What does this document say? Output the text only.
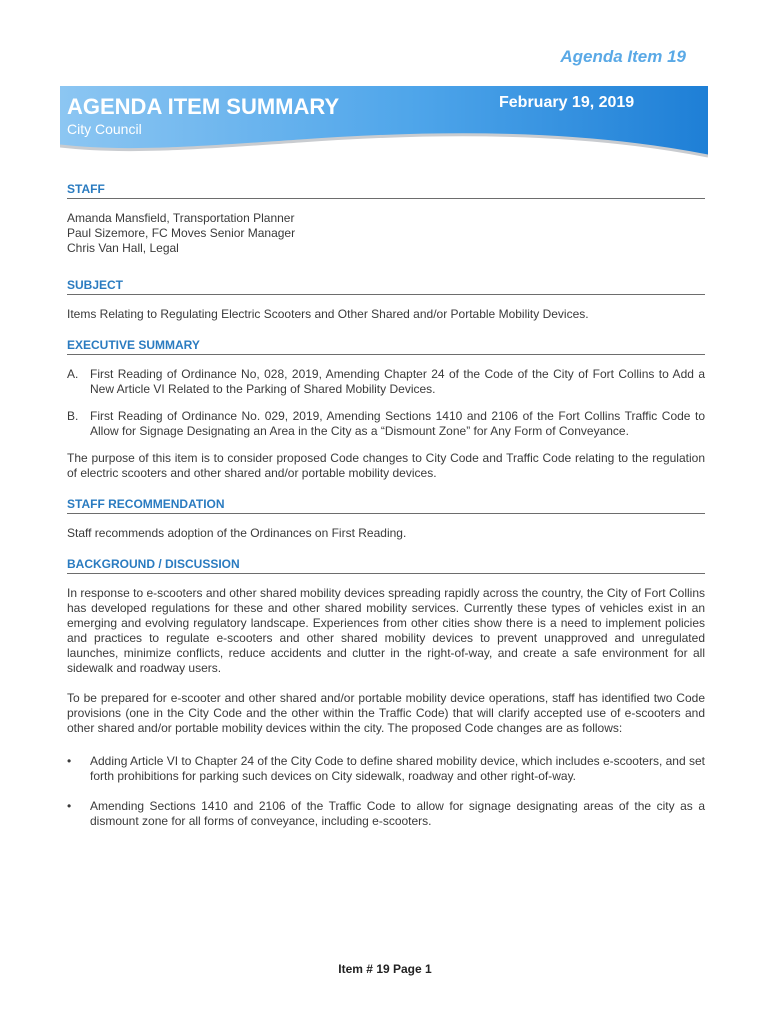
Agenda Item 19
AGENDA ITEM SUMMARY
City Council
February 19, 2019
STAFF

Amanda Mansfield, Transportation Planner

Paul Sizemore, FC Moves Senior Manager

Chris Van Hall, Legal

SUBJECT

Items Relating to Regulating Electric Scooters and Other Shared and/or Portable Mobility Devices.

EXECUTIVE SUMMARY
A. First Reading of Ordinance No, 028, 2019, Amending Chapter 24 of the Code of the City of Fort Collins to Add a New Article VI Related to the Parking of Shared Mobility Devices.
B. First Reading of Ordinance No. 029, 2019, Amending Sections 1410 and 2106 of the Fort Collins Traffic Code to Allow for Signage Designating an Area in the City as a “Dismount Zone” for Any Form of Conveyance.

The purpose of this item is to consider proposed Code changes to City Code and Traffic Code relating to the regulation of electric scooters and other shared and/or portable mobility devices.

STAFF RECOMMENDATION

Staff recommends adoption of the Ordinances on First Reading.

BACKGROUND / DISCUSSION

In response to e-scooters and other shared mobility devices spreading rapidly across the country, the City of Fort Collins has developed regulations for these and other shared mobility services. Currently these types of vehicles exist in an emerging and evolving regulatory landscape. Experiences from other cities show there is a need to implement policies and practices to regulate e-scooters and other shared mobility devices to prevent unapproved and unregulated launches, minimize conflicts, reduce accidents and clutter in the right-of-way, and create a safe environment for all sidewalk and roadway users.

To be prepared for e-scooter and other shared and/or portable mobility device operations, staff has identified two Code provisions (one in the City Code and the other within the Traffic Code) that will clarify accepted use of e-scooters and other shared and/or portable mobility devices within the city. The proposed Code changes are as follows:

•	Adding Article VI to Chapter 24 of the City Code to define shared mobility device, which includes e-scooters, and set forth prohibitions for parking such devices on City sidewalk, roadway and other right-of-way.
•	Amending Sections 1410 and 2106 of the Traffic Code to allow for signage designating areas of the city as a dismount zone for all forms of conveyance, including e-scooters.
Item # 19 Page 1
